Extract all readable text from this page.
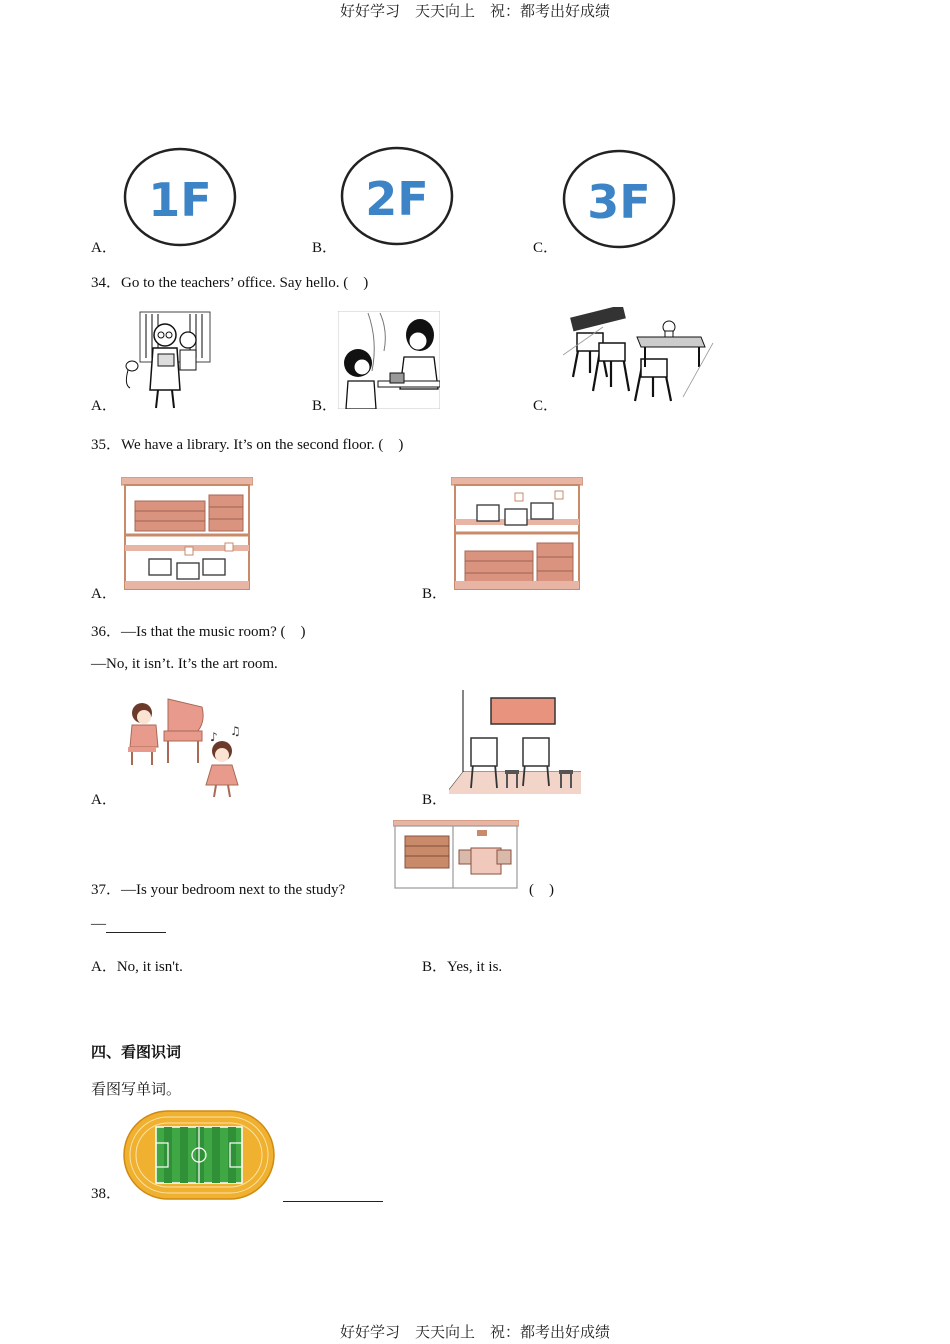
好好学习　天天向上　祝：都考出好成绩
好好学习　天天向上　祝：都考出好成绩
A．	B．	C．
1F	2F	3F
34．Go to the teachers’ office. Say hello. (　)
A．	B．	C．
35．We have a library. It’s on the second floor. (　)
A．	B．
36．—Is that the music room? (　)
—No, it isn’t. It’s the art room.
A．	B．
♪ ♫
37．—Is your bedroom next to the study?	(　)
—
A．No, it isn't.	B．Yes, it is.
四、看图识词
看图写单词。
38．
